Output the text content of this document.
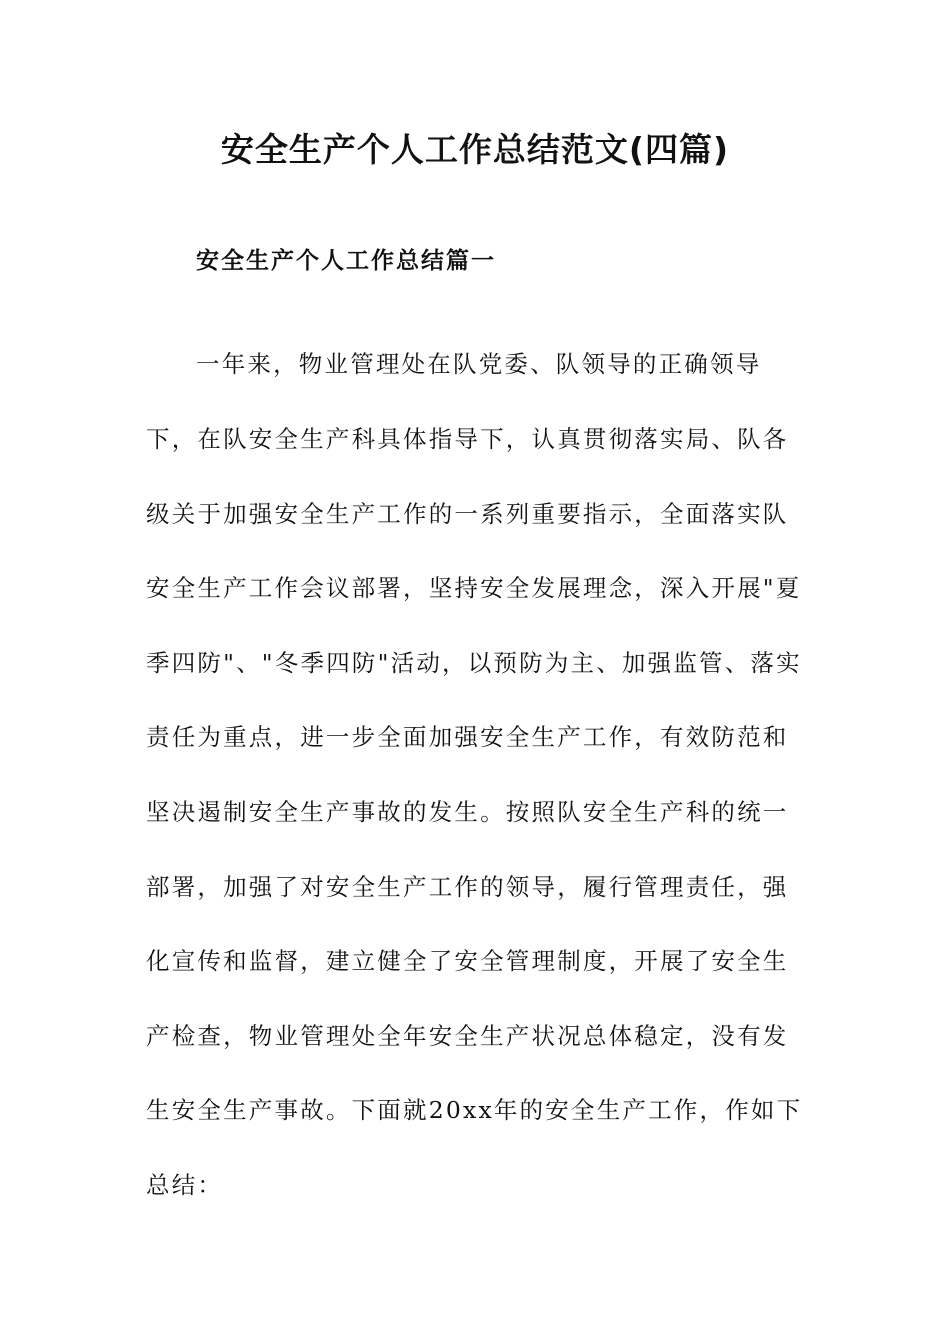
安全生产个人工作总结范文(四篇)
安全生产个人工作总结篇一
一年来，物业管理处在队党委、队领导的正确领导
下，在队安全生产科具体指导下，认真贯彻落实局、队各
级关于加强安全生产工作的一系列重要指示，全面落实队
安全生产工作会议部署，坚持安全发展理念，深入开展"夏
季四防"、"冬季四防"活动，以预防为主、加强监管、落实
责任为重点，进一步全面加强安全生产工作，有效防范和
坚决遏制安全生产事故的发生。按照队安全生产科的统一
部署，加强了对安全生产工作的领导，履行管理责任，强
化宣传和监督，建立健全了安全管理制度，开展了安全生
产检查，物业管理处全年安全生产状况总体稳定，没有发
生安全生产事故。下面就20xx年的安全生产工作，作如下
总结：
